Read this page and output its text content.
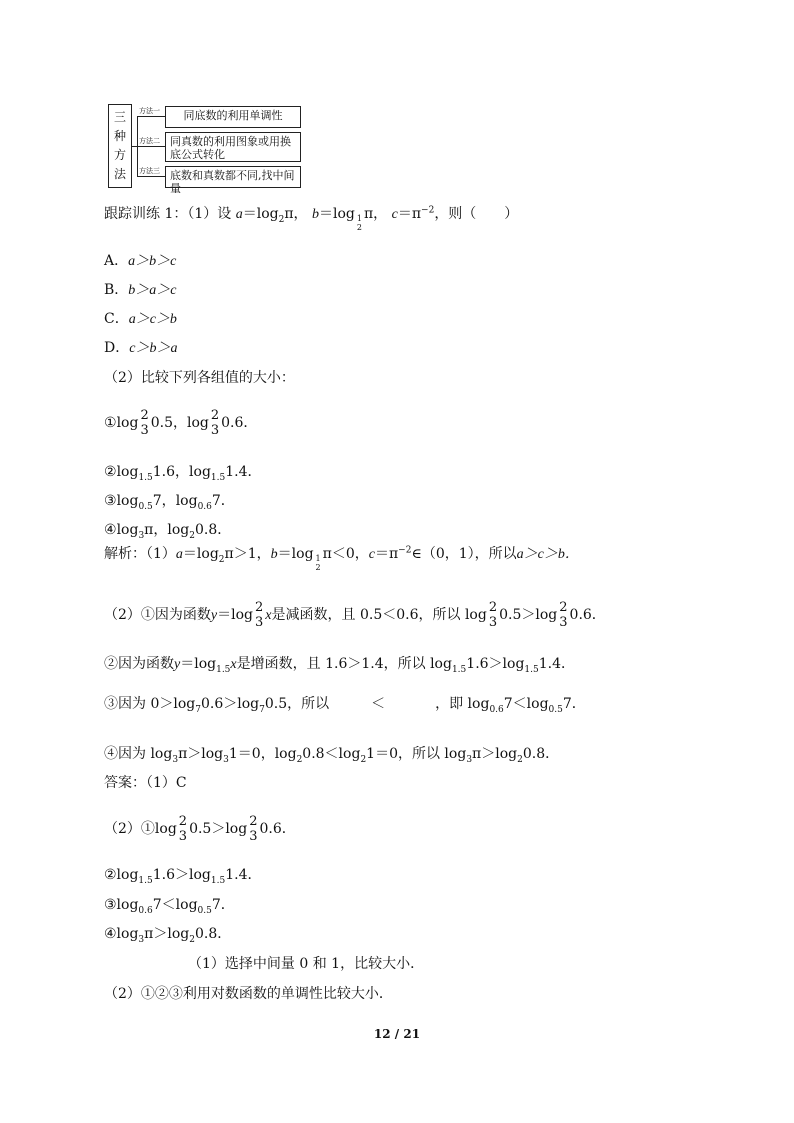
三
种
方
法
方法一
方法二
方法三
同底数的利用单调性
同真数的利用图象或用换底公式转化
底数和真数都不同,找中间量
跟踪训练 1：（1）设 $a=\log_2\pi$， b＝log 1
2
π， $c=\pi^{-2}$，则（　　）
A．a＞b＞c
B．b＞a＞c
C．a＞c＞b
D．c＞b＞a
（2）比较下列各组值的大小：
①log 2
3 0.5，log 2
3 0.6．
$②\log_{1.5}1.6$，$\log_{1.5}1.4$．
$③\log_{0.5}7$，$\log_{0.6}7$．
$④\log_3\pi$，$\log_20.8$．
解析：$(1)a=\log_2\pi>1$，b＝log 1
2
π＜0，$c=\pi^{-2}\in(0$，1），所以a＞c＞b．
（2）①因为函数y＝log 2
3 x是减函数，且 0.5＜0.6，所以 log 2
3 0.5＞log 2
3 0.6．
②因为函数$y=\log_{1.5}x$是增函数，且 1.6＞1.4，所以 $\log_{1.5}1.6>\log_{1.5}1.4$．
③因为 $0>\log_70.6>\log_70.5$，所以	＜	，即 $\log_{0.6}7<\log_{0.5}7$．
④因为 $\log_3\pi>\log_31=0$，$\log_20.8<\log_21=0$，所以 $\log_3\pi>\log_20.8$．
答案：（1）C
（2）①log 2
3 0.5＞log 2
3 0.6．
$②\log_{1.5}1.6>\log_{1.5}1.4$．
$③\log_{0.6}7<\log_{0.5}7$．
$④\log_3\pi>\log_20.8$．
（1）选择中间量 0 和 1，比较大小．
（2）①②③利用对数函数的单调性比较大小．
12 / 21
